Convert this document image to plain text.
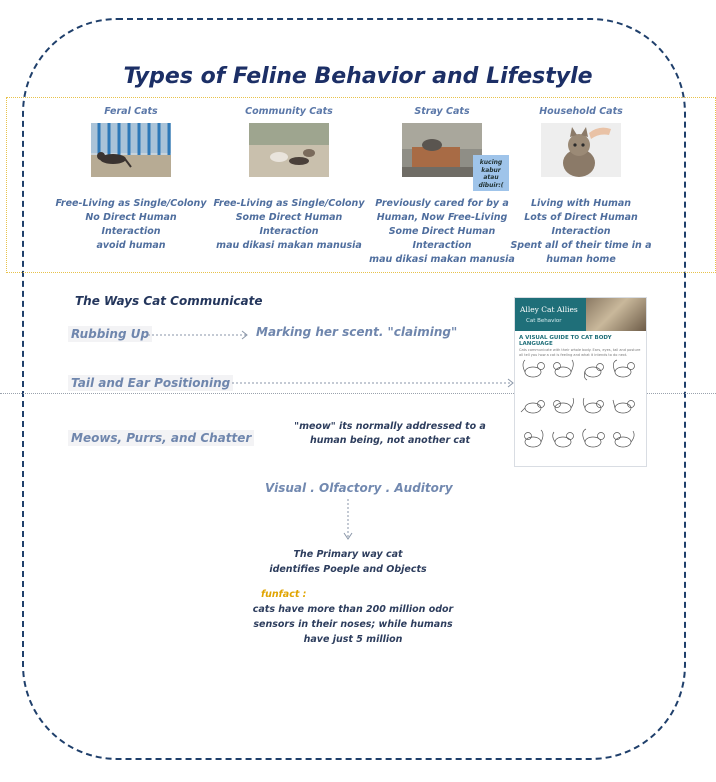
Types of Feline Behavior and Lifestyle
Feral Cats
Free-Living as Single/Colony
No Direct Human
Interaction
avoid human
Community Cats
Free-Living as Single/Colony
Some Direct Human
Interaction
mau dikasi makan manusia
Stray Cats
Previously cared for by a
Human, Now Free-Living
Some Direct Human
Interaction
mau dikasi makan manusia
kucing
kabur atau
dibuir:(
Household Cats
Living with Human
Lots of Direct Human
Interaction
Spent all of their time in a
human home
The Ways Cat Communicate
Rubbing Up	Marking her scent. "claiming"
Tail and Ear Positioning
Meows, Purrs, and Chatter
"meow" its normally addressed to a
human being, not another cat
Alley Cat Allies
Cat Behavior
A VISUAL GUIDE TO CAT BODY LANGUAGE
Cats communicate with their whole body. Ears, eyes, tail and posture all tell you how a cat is feeling and what it intends to do next.
Visual . Olfactory . Auditory
The Primary way cat
identifies Poeple and Objects
funfact :
cats have more than 200 million odor
sensors in their noses; while humans
have just 5 million
